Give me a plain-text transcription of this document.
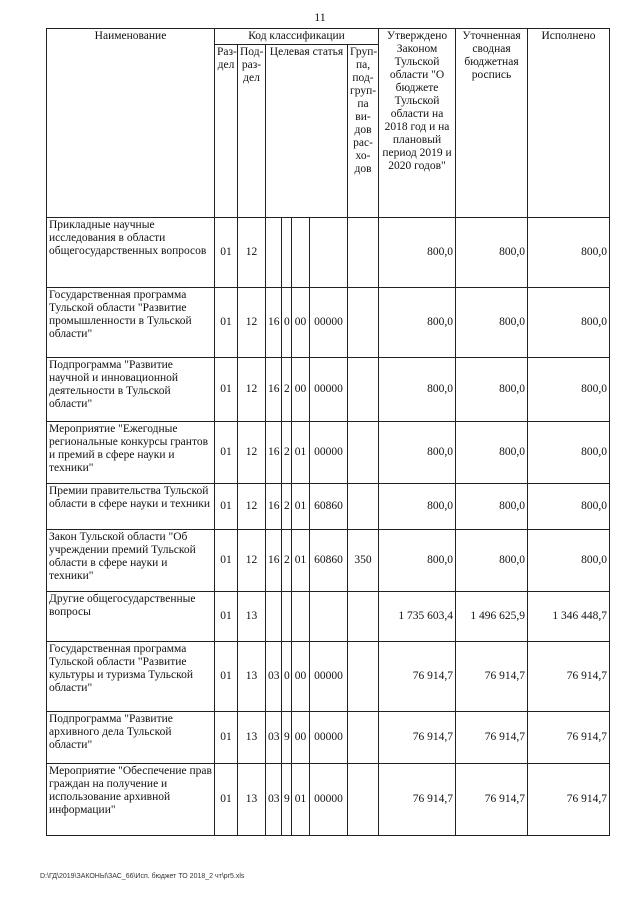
11
Наименование	Код классификации							Утверждено Законом Тульской области "О бюджете Тульской области на 2018 год и на плановый период 2019 и 2020 годов"	Уточненная сводная бюджетная роспись	Исполнено
	Раз-дел	Под-раз-дел	Целевая статья				Груп-па, под-груп-па ви-дов рас-хо-дов			
Прикладные научные исследования в области общегосударственных вопросов	01	12						800,0	800,0	800,0
Государственная программа Тульской области "Развитие промышленности в Тульской области"	01	12	16	0	00	00000		800,0	800,0	800,0
Подпрограмма "Развитие научной и инновационной деятельности в Тульской области"	01	12	16	2	00	00000		800,0	800,0	800,0
Мероприятие "Ежегодные региональные конкурсы грантов и премий в сфере науки и техники"	01	12	16	2	01	00000		800,0	800,0	800,0
Премии правительства Тульской области в сфере науки и техники	01	12	16	2	01	60860		800,0	800,0	800,0
Закон Тульской области "Об учреждении премий Тульской области в сфере науки и техники"	01	12	16	2	01	60860	350	800,0	800,0	800,0
Другие общегосударственные вопросы	01	13						1 735 603,4	1 496 625,9	1 346 448,7
Государственная программа Тульской области "Развитие культуры и туризма Тульской области"	01	13	03	0	00	00000		76 914,7	76 914,7	76 914,7
Подпрограмма "Развитие архивного дела Тульской области"	01	13	03	9	00	00000		76 914,7	76 914,7	76 914,7
Мероприятие "Обеспечение прав граждан на получение и использование архивной информации"	01	13	03	9	01	00000		76 914,7	76 914,7	76 914,7
D:\ГД\2019\ЗАКОНЫ\ЗАС_66\Исп. бюджет ТО 2018_2 чт\pr5.xls
